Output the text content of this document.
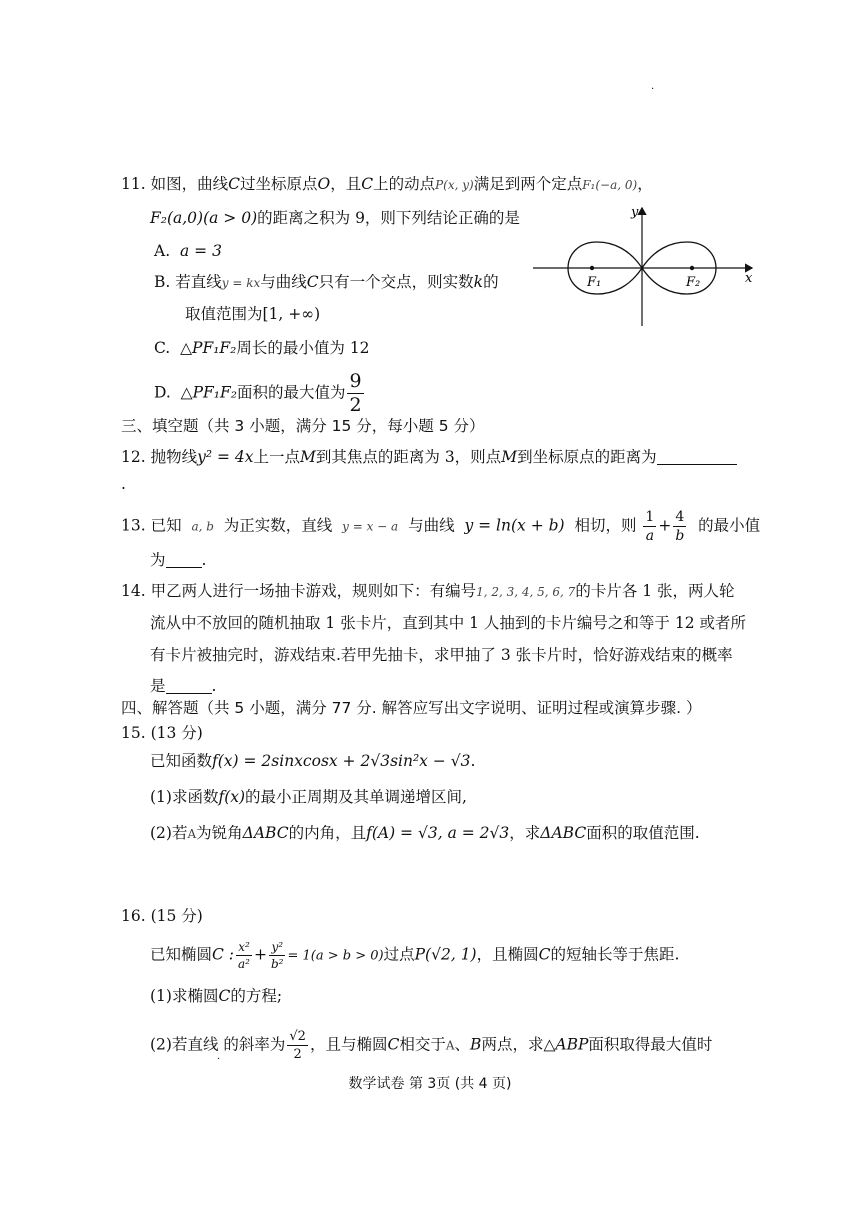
11. 如图，曲线C过坐标原点O，且C上的动点P(x, y)满足到两个定点F₁(−a, 0)，
F₂(a,0)(a > 0)的距离之积为 9，则下列结论正确的是
A. a = 3
B. 若直线y = kx与曲线C只有一个交点，则实数k的
取值范围为[1, +∞)
C. △PF₁F₂周长的最小值为 12
D. △PF₁F₂面积的最大值为 $\frac{9}{2}$
y
x
F₁	F₂
三、填空题（共 3 小题，满分 15 分，每小题 5 分）
12. 抛物线y² = 4x上一点M到其焦点的距离为 3，则点M到坐标原点的距离为
.
13. 已知 a, b 为正实数，直线 y = x − a 与曲线 y = ln(x + b) 相切，则 $\frac{1}{a} + \frac{4}{b}$ 的最小值
为 .
14. 甲乙两人进行一场抽卡游戏，规则如下：有编号1, 2, 3, 4, 5, 6, 7的卡片各 1 张，两人轮
流从中不放回的随机抽取 1 张卡片，直到其中 1 人抽到的卡片编号之和等于 12 或者所
有卡片被抽完时，游戏结束.若甲先抽卡，求甲抽了 3 张卡片时，恰好游戏结束的概率
是	.
四、解答题（共 5 小题，满分 77 分. 解答应写出文字说明、证明过程或演算步骤. ）
15. (13 分)
已知函数f(x) = 2sinxcosx + 2√3sin²x − √3.
(1)求函数f(x)的最小正周期及其单调递增区间,
(2)若A为锐角ΔABC的内角，且f(A) = √3, a = 2√3，求ΔABC面积的取值范围.
16. (15 分)
已知椭圆C : $\frac{\text{x²}}{\text{a²}} + \frac{\text{y²}}{\text{b²}} = 1(a > b > 0)$过点P(√2, 1)，且椭圆C的短轴长等于焦距.
(1)求椭圆C的方程;
(2)若直线 的斜率为 $\frac{√2}{2}$ ，且与椭圆C相交于A、B两点，求△ABP面积取得最大值时
·
·
数学试卷 第 3页 (共 4 页)
